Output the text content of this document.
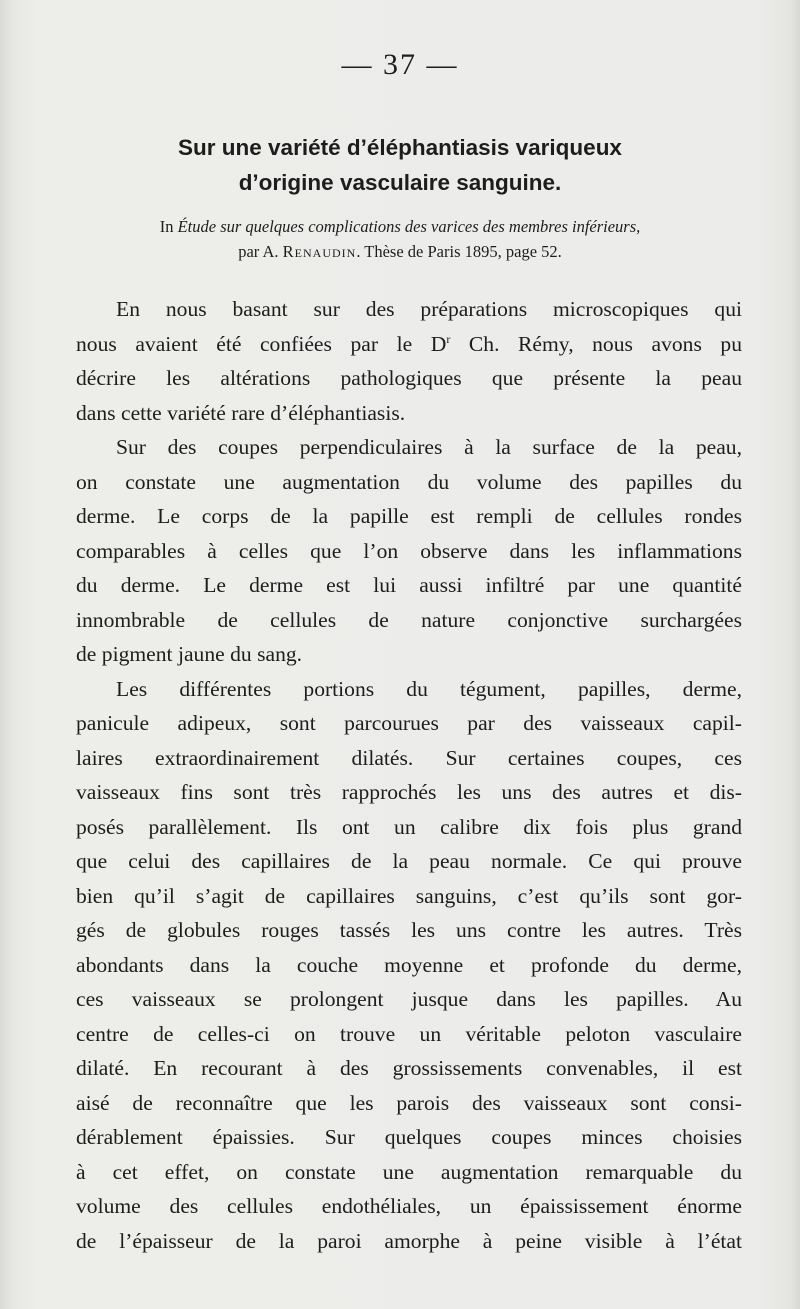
— 37 —
Sur une variété d’éléphantiasis variqueux
d’origine vasculaire sanguine.
In Étude sur quelques complications des varices des membres inférieurs,
par A. Renaudin. Thèse de Paris 1895, page 52.
En nous basant sur des préparations microscopiques qui
nous avaient été confiées par le $D^r$ Ch. Rémy, nous avons pu
décrire les altérations pathologiques que présente la peau
dans cette variété rare d’éléphantiasis.
Sur des coupes perpendiculaires à la surface de la peau,
on constate une augmentation du volume des papilles du
derme. Le corps de la papille est rempli de cellules rondes
comparables à celles que l’on observe dans les inflammations
du derme. Le derme est lui aussi infiltré par une quantité
innombrable de cellules de nature conjonctive surchargées
de pigment jaune du sang.
Les différentes portions du tégument, papilles, derme,
panicule adipeux, sont parcourues par des vaisseaux capil-
laires extraordinairement dilatés. Sur certaines coupes, ces
vaisseaux fins sont très rapprochés les uns des autres et dis-
posés parallèlement. Ils ont un calibre dix fois plus grand
que celui des capillaires de la peau normale. Ce qui prouve
bien qu’il s’agit de capillaires sanguins, c’est qu’ils sont gor-
gés de globules rouges tassés les uns contre les autres. Très
abondants dans la couche moyenne et profonde du derme,
ces vaisseaux se prolongent jusque dans les papilles. Au
centre de celles-ci on trouve un véritable peloton vasculaire
dilaté. En recourant à des grossissements convenables, il est
aisé de reconnaître que les parois des vaisseaux sont consi-
dérablement épaissies. Sur quelques coupes minces choisies
à cet effet, on constate une augmentation remarquable du
volume des cellules endothéliales, un épaississement énorme
de l’épaisseur de la paroi amorphe à peine visible à l’état
